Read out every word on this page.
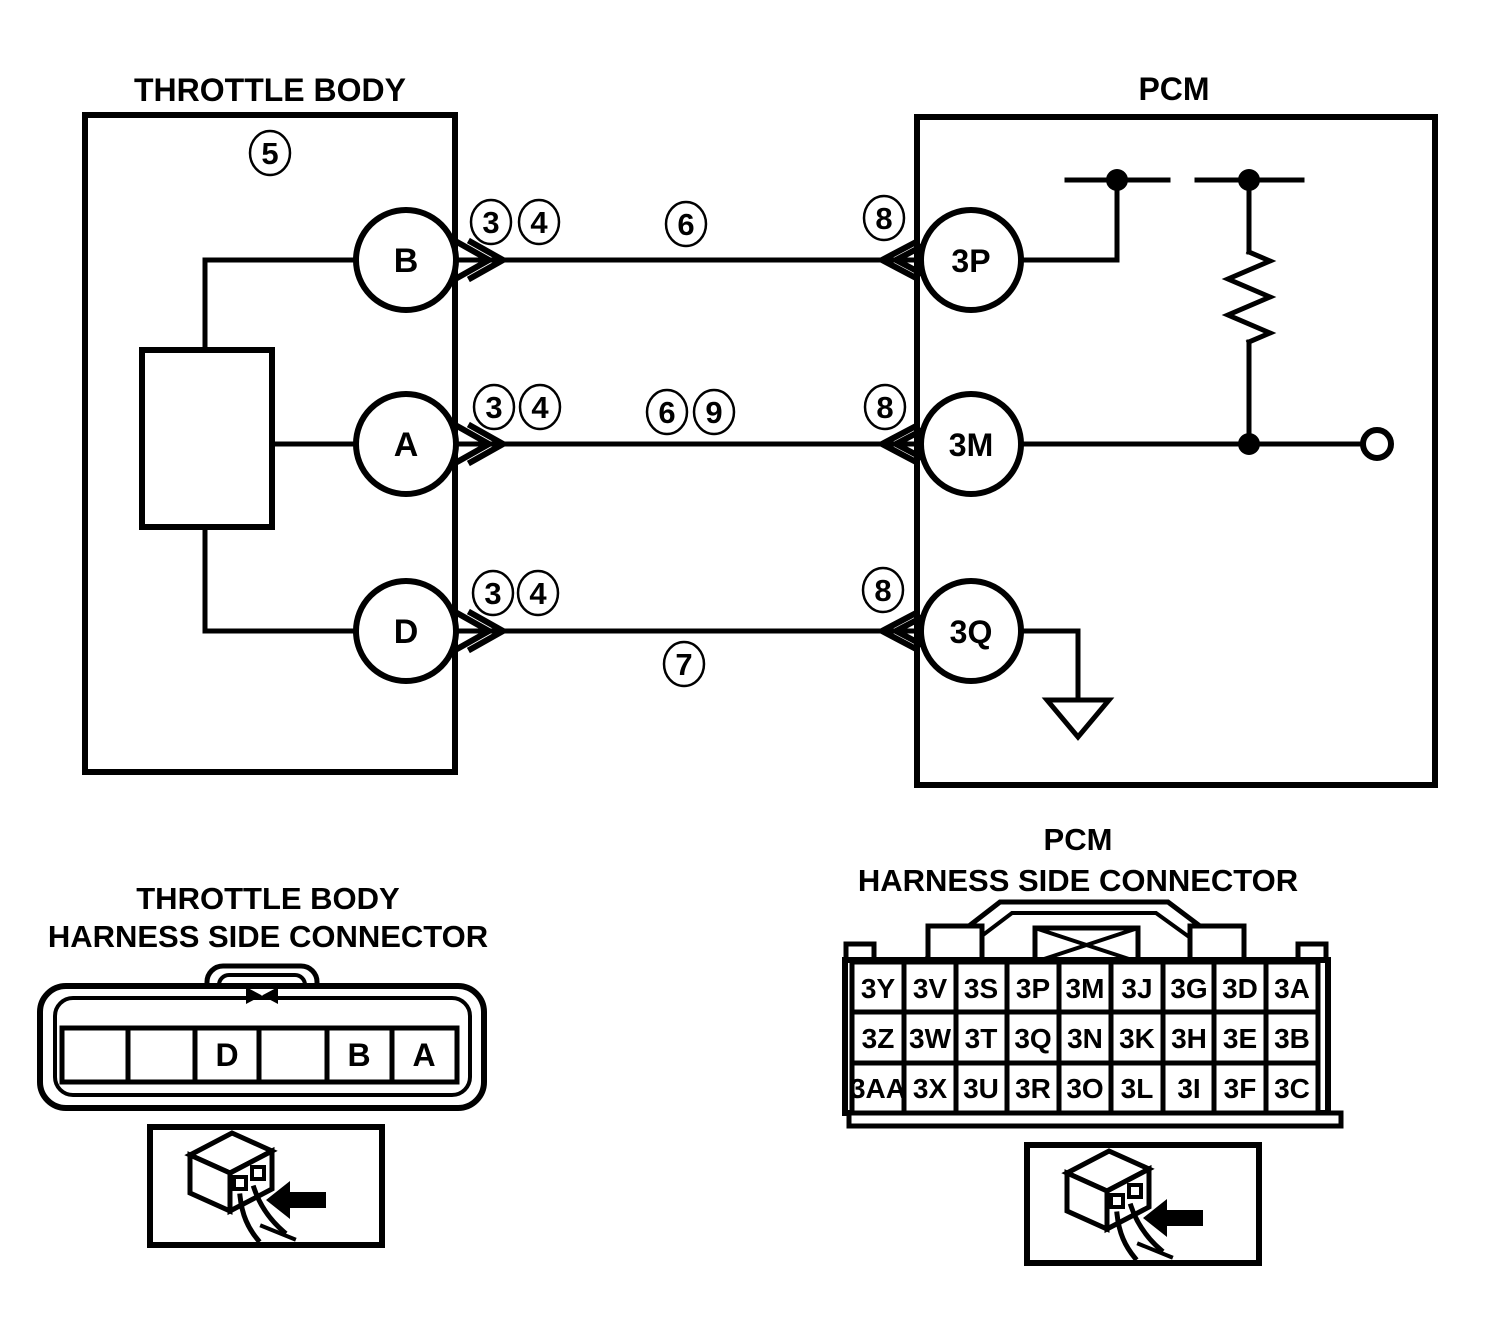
THROTTLE BODY
5
B
A
D
3 4	6	8
3 4	6 9	8
3 4
7
8
PCM
3P
3M
3Q
THROTTLE BODY
HARNESS SIDE CONNECTOR
D	B A
PCM
HARNESS SIDE CONNECTOR
3Y 3V 3S 3P 3M 3J 3G 3D 3A
3Z 3W 3T 3Q 3N 3K 3H 3E 3B
3AA 3X 3U 3R 3O 3L 3I 3F 3C
